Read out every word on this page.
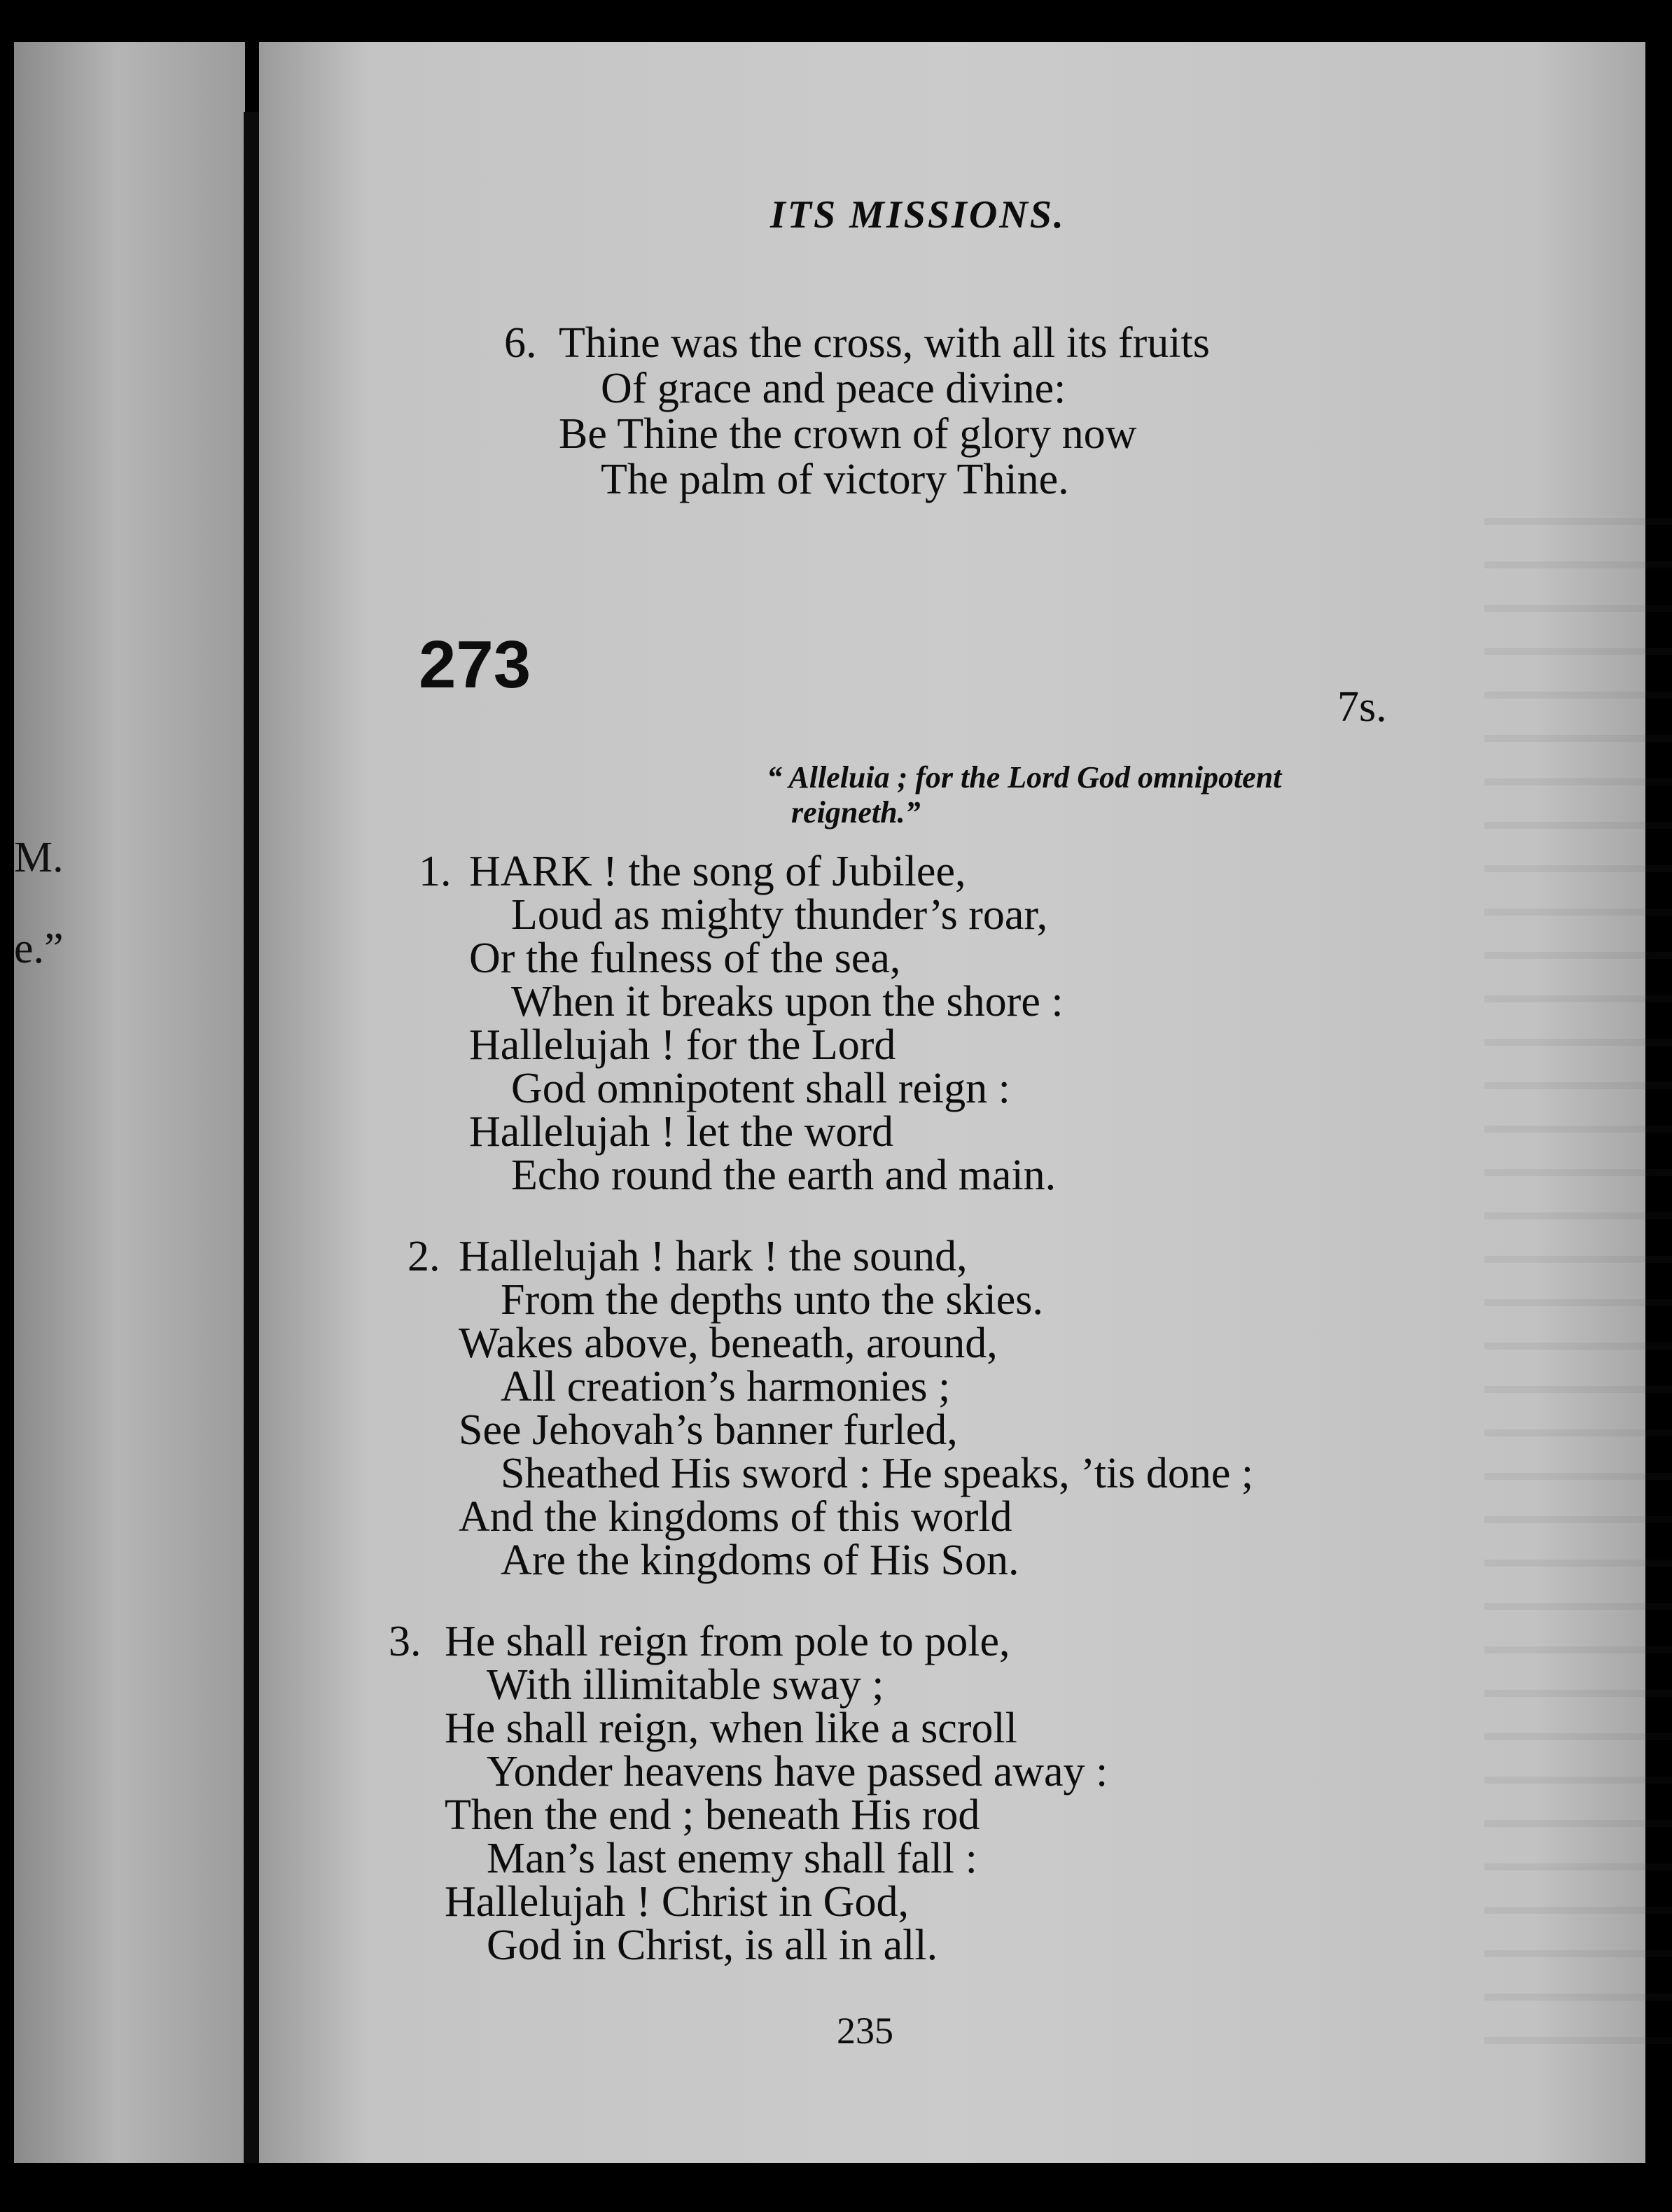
M.
e.”
ITS MISSIONS.
6. Thine was the cross, with all its fruits
Of grace and peace divine:
Be Thine the crown of glory now
The palm of victory Thine.
273
7s.
“ Alleluia ; for the Lord God omnipotent
reigneth.”
1. HARK ! the song of Jubilee,
Loud as mighty thunder’s roar,
Or the fulness of the sea,
When it breaks upon the shore :
Hallelujah ! for the Lord
God omnipotent shall reign :
Hallelujah ! let the word
Echo round the earth and main.
2. Hallelujah ! hark ! the sound,
From the depths unto the skies.
Wakes above, beneath, around,
All creation’s harmonies ;
See Jehovah’s banner furled,
Sheathed His sword : He speaks, ’tis done ;
And the kingdoms of this world
Are the kingdoms of His Son.
3. He shall reign from pole to pole,
With illimitable sway ;
He shall reign, when like a scroll
Yonder heavens have passed away :
Then the end ; beneath His rod
Man’s last enemy shall fall :
Hallelujah ! Christ in God,
God in Christ, is all in all.
235
